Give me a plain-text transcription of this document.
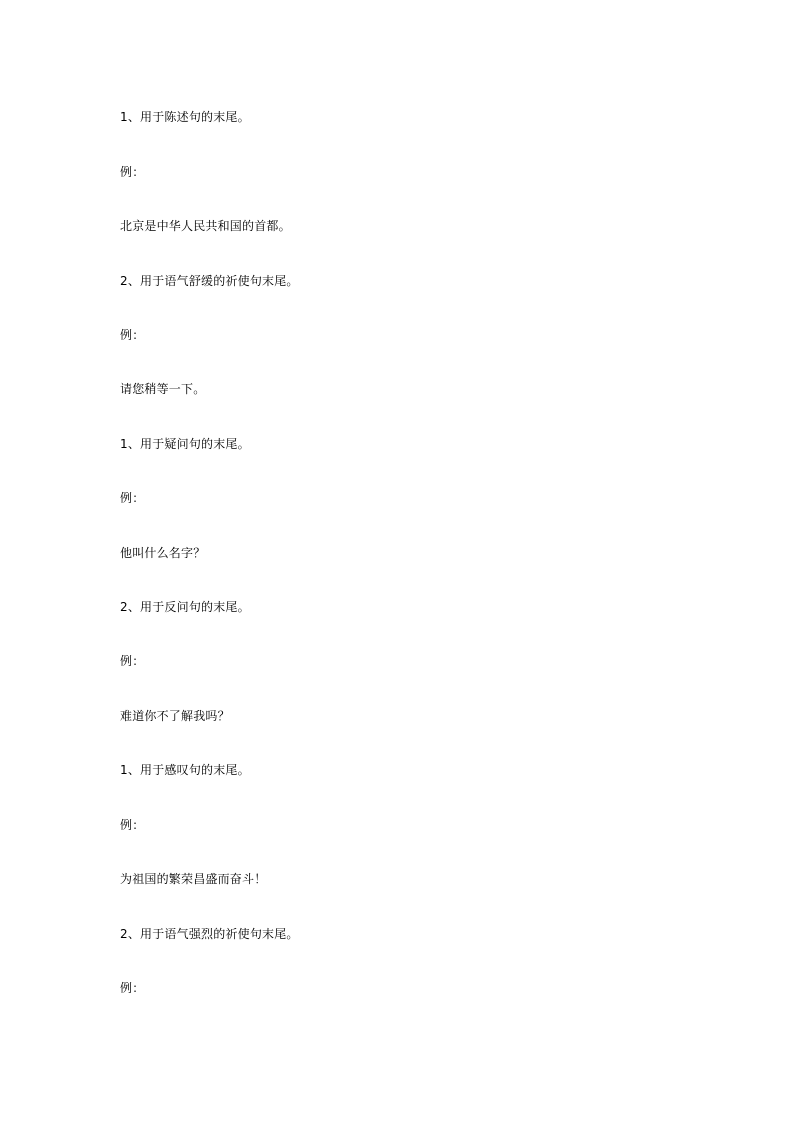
1、用于陈述句的末尾。
例：
北京是中华人民共和国的首都。
2、用于语气舒缓的祈使句末尾。
例：
请您稍等一下。
1、用于疑问句的末尾。
例：
他叫什么名字？
2、用于反问句的末尾。
例：
难道你不了解我吗？
1、用于感叹句的末尾。
例：
为祖国的繁荣昌盛而奋斗！
2、用于语气强烈的祈使句末尾。
例：
